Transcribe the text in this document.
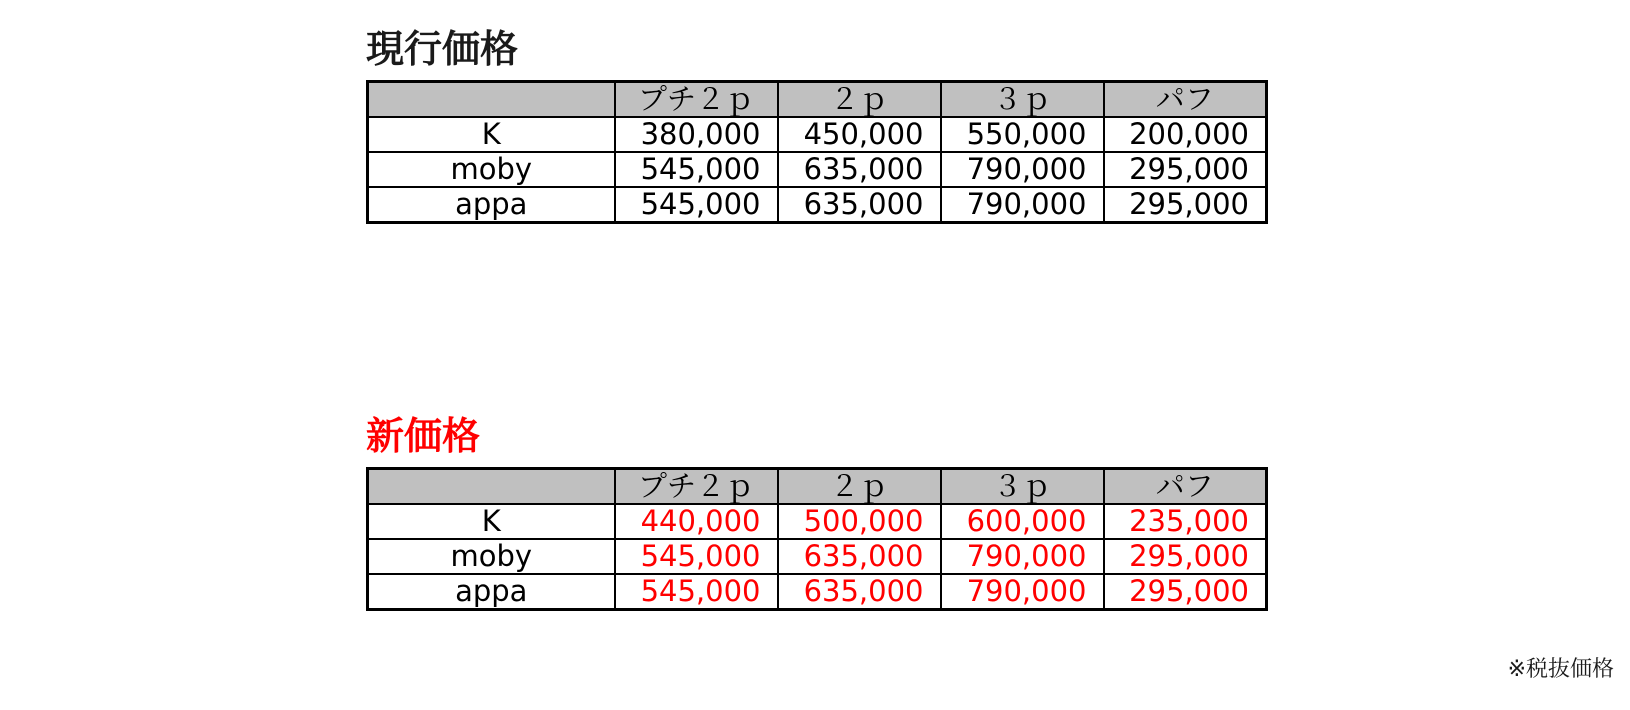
現行価格
	プチ２ｐ	２ｐ	３ｐ	パフ
K	380,000	450,000	550,000	200,000
moby	545,000	635,000	790,000	295,000
appa	545,000	635,000	790,000	295,000
新価格
	プチ２ｐ	２ｐ	３ｐ	パフ
K	440,000	500,000	600,000	235,000
moby	545,000	635,000	790,000	295,000
appa	545,000	635,000	790,000	295,000

※税抜価格
